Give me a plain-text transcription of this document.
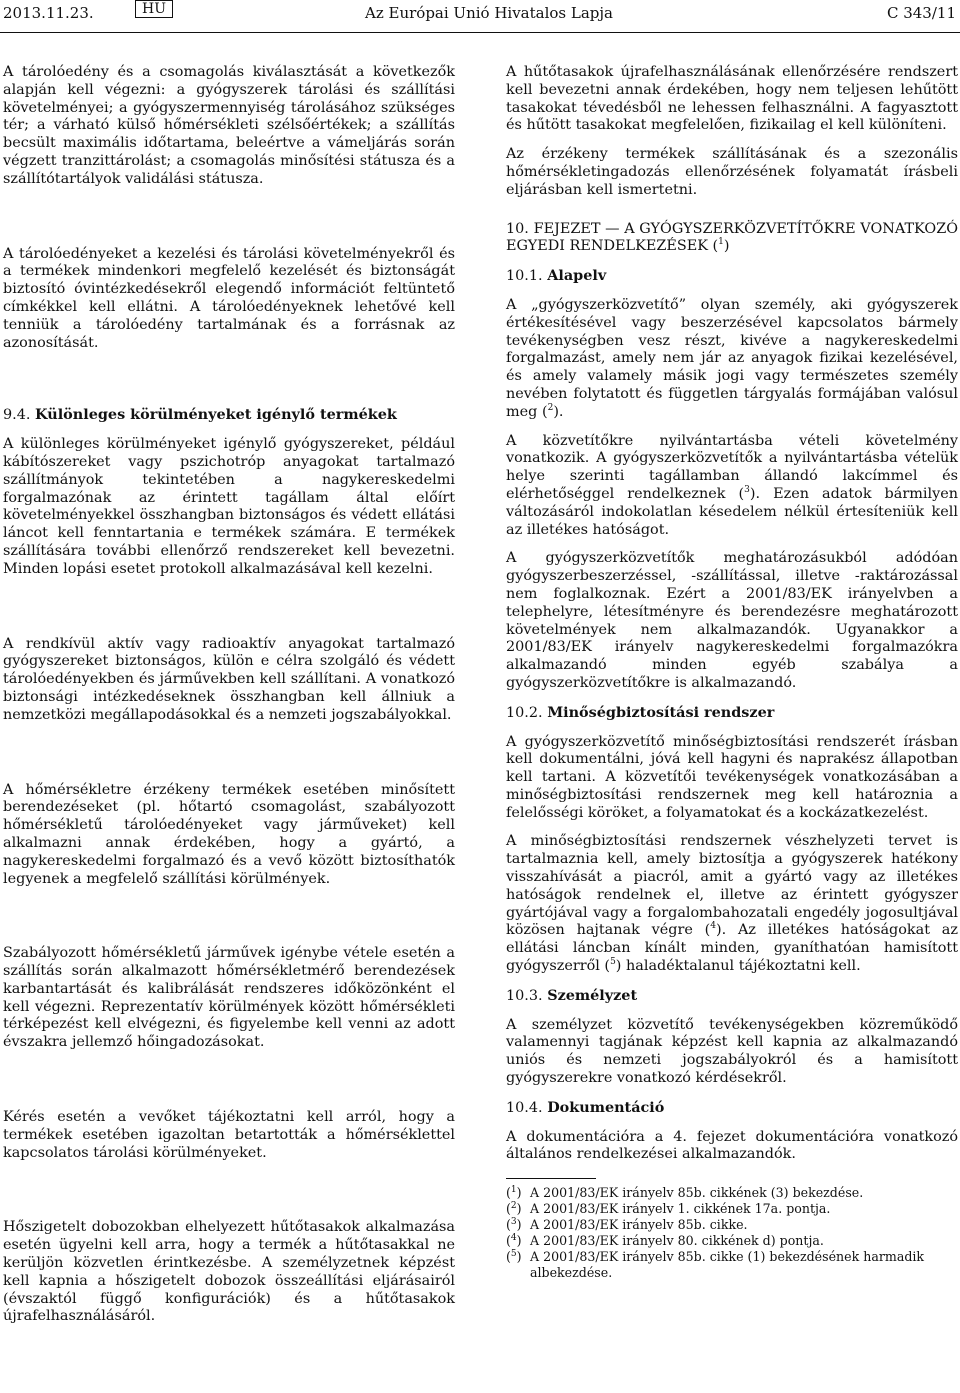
2013.11.23.	HU	Az Európai Unió Hivatalos Lapja	C 343/11

A tárolóedény és a csomagolás kiválasztását a következők alapján kell végezni: a gyógyszerek tárolási és szállítási követelményei; a gyógyszermennyiség tárolásához szükséges tér; a várható külső hőmérsékleti szélsőértékek; a szállítás becsült maximális időtartama, beleértve a vámeljárás során végzett tranzittárolást; a csomagolás minősítési státusza és a szállítótartályok validálási státusza.

A tárolóedényeket a kezelési és tárolási követelményekről és a termékek mindenkori megfelelő kezelését és biztonságát biztosító óvintézkedésekről elegendő információt feltüntető címkékkel kell ellátni. A tárolóedényeknek lehetővé kell tenniük a tárolóedény tartalmának és a forrásnak az azonosítását.

9.4. Különleges körülményeket igénylő termékek

A különleges körülményeket igénylő gyógyszereket, például kábítószereket vagy pszichotróp anyagokat tartalmazó szállítmányok tekintetében a nagykereskedelmi forgalmazónak az érintett tagállam által előírt követelményekkel összhangban biztonságos és védett ellátási láncot kell fenntartania e termékek számára. E termékek szállítására további ellenőrző rendszereket kell bevezetni. Minden lopási esetet protokoll alkalmazásával kell kezelni.

A rendkívül aktív vagy radioaktív anyagokat tartalmazó gyógyszereket biztonságos, külön e célra szolgáló és védett tárolóedényekben és járművekben kell szállítani. A vonatkozó biztonsági intézkedéseknek összhangban kell állniuk a nemzetközi megállapodásokkal és a nemzeti jogszabályokkal.

A hőmérsékletre érzékeny termékek esetében minősített berendezéseket (pl. hőtartó csomagolást, szabályozott hőmérsékletű tárolóedényeket vagy járműveket) kell alkalmazni annak érdekében, hogy a gyártó, a nagykereskedelmi forgalmazó és a vevő között biztosíthatók legyenek a megfelelő szállítási körülmények.

Szabályozott hőmérsékletű járművek igénybe vétele esetén a szállítás során alkalmazott hőmérsékletmérő berendezések karbantartását és kalibrálását rendszeres időközönként el kell végezni. Reprezentatív körülmények között hőmérsékleti térképezést kell elvégezni, és figyelembe kell venni az adott évszakra jellemző hőingadozásokat.

Kérés esetén a vevőket tájékoztatni kell arról, hogy a termékek esetében igazoltan betartották a hőmérséklettel kapcsolatos tárolási körülményeket.

Hőszigetelt dobozokban elhelyezett hűtőtasakok alkalmazása esetén ügyelni kell arra, hogy a termék a hűtőtasakkal ne kerüljön közvetlen érintkezésbe. A személyzetnek képzést kell kapnia a hőszigetelt dobozok összeállítási eljárásairól (évszaktól függő konfigurációk) és a hűtőtasakok újrafelhasználásáról.

A hűtőtasakok újrafelhasználásának ellenőrzésére rendszert kell bevezetni annak érdekében, hogy nem teljesen lehűtött tasakokat tévedésből ne lehessen felhasználni. A fagyasztott és hűtött tasakokat megfelelően, fizikailag el kell különíteni.

Az érzékeny termékek szállításának és a szezonális hőmérsékletingadozás ellenőrzésének folyamatát írásbeli eljárásban kell ismertetni.

10. FEJEZET — A GYÓGYSZERKÖZVETÍTŐKRE VONATKOZÓ EGYEDI RENDELKEZÉSEK ($^1$)

10.1. Alapelv

A „gyógyszerközvetítő” olyan személy, aki gyógyszerek értékesítésével vagy beszerzésével kapcsolatos bármely tevékenységben vesz részt, kivéve a nagykereskedelmi forgalmazást, amely nem jár az anyagok fizikai kezelésével, és amely valamely másik jogi vagy természetes személy nevében folytatott és független tárgyalás formájában valósul meg ($^2$).

A közvetítőkre nyilvántartásba vételi követelmény vonatkozik. A gyógyszerközvetítők a nyilvántartásba vételük helye szerinti tagállamban állandó lakcímmel és elérhetőséggel rendelkeznek ($^3$). Ezen adatok bármilyen változásáról indokolatlan késedelem nélkül értesíteniük kell az illetékes hatóságot.

A gyógyszerközvetítők meghatározásukból adódóan gyógyszerbeszerzéssel, -szállítással, illetve -raktározással nem foglalkoznak. Ezért a 2001/83/EK irányelvben a telephelyre, létesítményre és berendezésre meghatározott követelmények nem alkalmazandók. Ugyanakkor a 2001/83/EK irányelv nagykereskedelmi forgalmazókra alkalmazandó minden egyéb szabálya a gyógyszerközvetítőkre is alkalmazandó.

10.2. Minőségbiztosítási rendszer

A gyógyszerközvetítő minőségbiztosítási rendszerét írásban kell dokumentálni, jóvá kell hagyni és naprakész állapotban kell tartani. A közvetítői tevékenységek vonatkozásában a minőségbiztosítási rendszernek meg kell határoznia a felelősségi köröket, a folyamatokat és a kockázatkezelést.

A minőségbiztosítási rendszernek vészhelyzeti tervet is tartalmaznia kell, amely biztosítja a gyógyszerek hatékony visszahívását a piacról, amit a gyártó vagy az illetékes hatóságok rendelnek el, illetve az érintett gyógyszer gyártójával vagy a forgalombahozatali engedély jogosultjával közösen hajtanak végre ($^4$). Az illetékes hatóságokat az ellátási láncban kínált minden, gyaníthatóan hamisított gyógyszerről ($^5$) haladéktalanul tájékoztatni kell.

10.3. Személyzet

A személyzet közvetítő tevékenységekben közreműködő valamennyi tagjának képzést kell kapnia az alkalmazandó uniós és nemzeti jogszabályokról és a hamisított gyógyszerekre vonatkozó kérdésekről.

10.4. Dokumentáció

A dokumentációra a 4. fejezet dokumentációra vonatkozó általános rendelkezései alkalmazandók.

($^1$) A 2001/83/EK irányelv 85b. cikkének (3) bekezdése.
($^2$) A 2001/83/EK irányelv 1. cikkének 17a. pontja.
($^3$) A 2001/83/EK irányelv 85b. cikke.
($^4$) A 2001/83/EK irányelv 80. cikkének d) pontja.
($^5$) A 2001/83/EK irányelv 85b. cikke (1) bekezdésének harmadik albekezdése.
